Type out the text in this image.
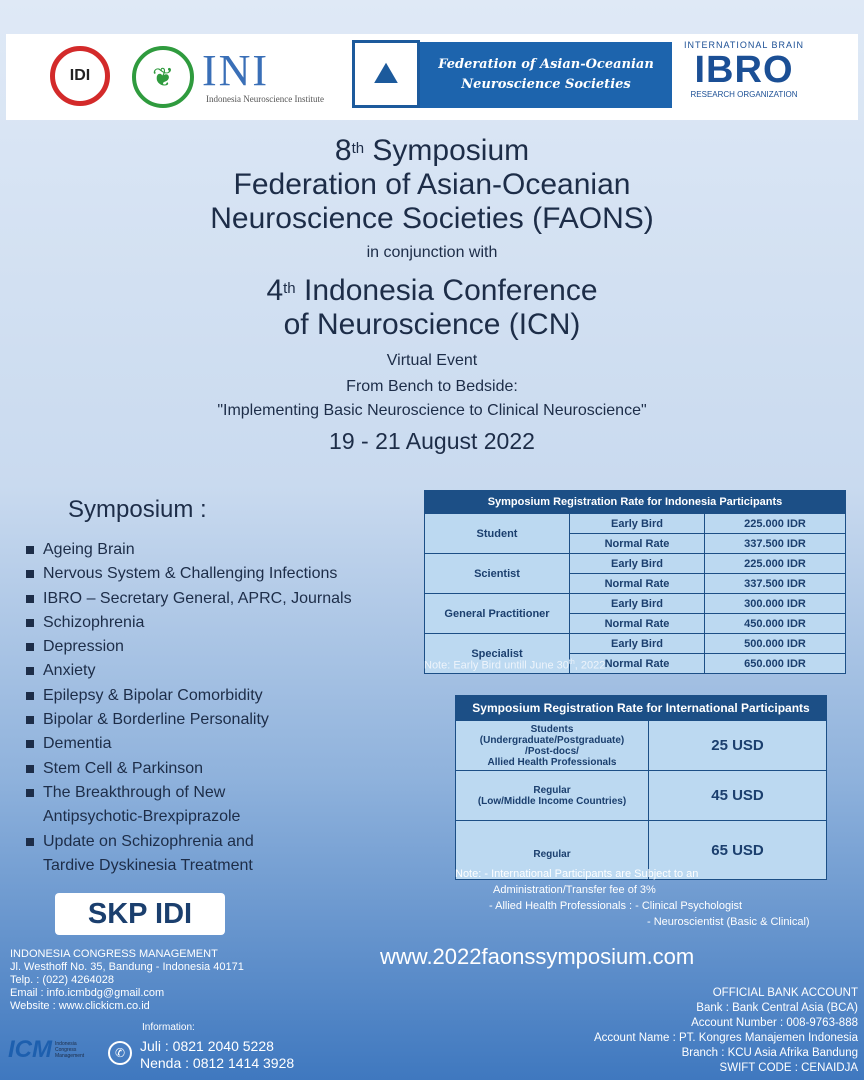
IDI ❦ INI
Indonesia Neuroscience Institute
⛰	Federation of Asian-Oceanian
Neuroscience Societies
INTERNATIONAL BRAIN
IBRO
RESEARCH ORGANIZATION
8th Symposium
Federation of Asian-Oceanian
Neuroscience Societies (FAONS)
in conjunction with
4th Indonesia Conference
of Neuroscience (ICN)
Virtual Event
From Bench to Bedside:
"Implementing Basic Neuroscience to Clinical Neuroscience"
19 - 21 August 2022
Symposium :
Ageing Brain
Nervous System & Challenging Infections
IBRO – Secretary General, APRC, Journals
Schizophrenia
Depression
Anxiety
Epilepsy & Bipolar Comorbidity
Bipolar & Borderline Personality
Dementia
Stem Cell & Parkinson
The Breakthrough of New
Antipsychotic-Brexpiprazole
Update on Schizophrenia and
Tardive Dyskinesia Treatment
Symposium Registration Rate for Indonesia Participants		
Student	Early Bird	225.000 IDR
	Normal Rate	337.500 IDR
Scientist	Early Bird	225.000 IDR
	Normal Rate	337.500 IDR
General Practitioner	Early Bird	300.000 IDR
	Normal Rate	450.000 IDR
Specialist	Early Bird	500.000 IDR
	Normal Rate	650.000 IDR
Note: Early Bird untill June 30th, 2022
Symposium Registration Rate for International Participants	

Students
(Undergraduate/Postgraduate)
/Post-docs/
Allied Health Professionals	25 USD

Regular
(Low/Middle Income Countries)	45 USD

Regular	65 USD
Note: - International Participants are Subject to an
Administration/Transfer fee of 3%
- Allied Health Professionals : - Clinical Psychologist
- Neuroscientist (Basic & Clinical)
SKP IDI
INDONESIA CONGRESS MANAGEMENT
Jl. Westhoff No. 35, Bandung - Indonesia 40171
Telp. : (022) 4264028
Email : info.icmbdg@gmail.com
Website : www.clickicm.co.id
www.2022faonssymposium.com
OFFICIAL BANK ACCOUNT
Bank : Bank Central Asia (BCA)
Account Number : 008-9763-888
Account Name : PT. Kongres Manajemen Indonesia
Branch : KCU Asia Afrika Bandung
SWIFT CODE : CENAIDJA
ICM Indonesia
Congress
Management
Information:
✆	Juli : 0821 2040 5228
Nenda : 0812 1414 3928
